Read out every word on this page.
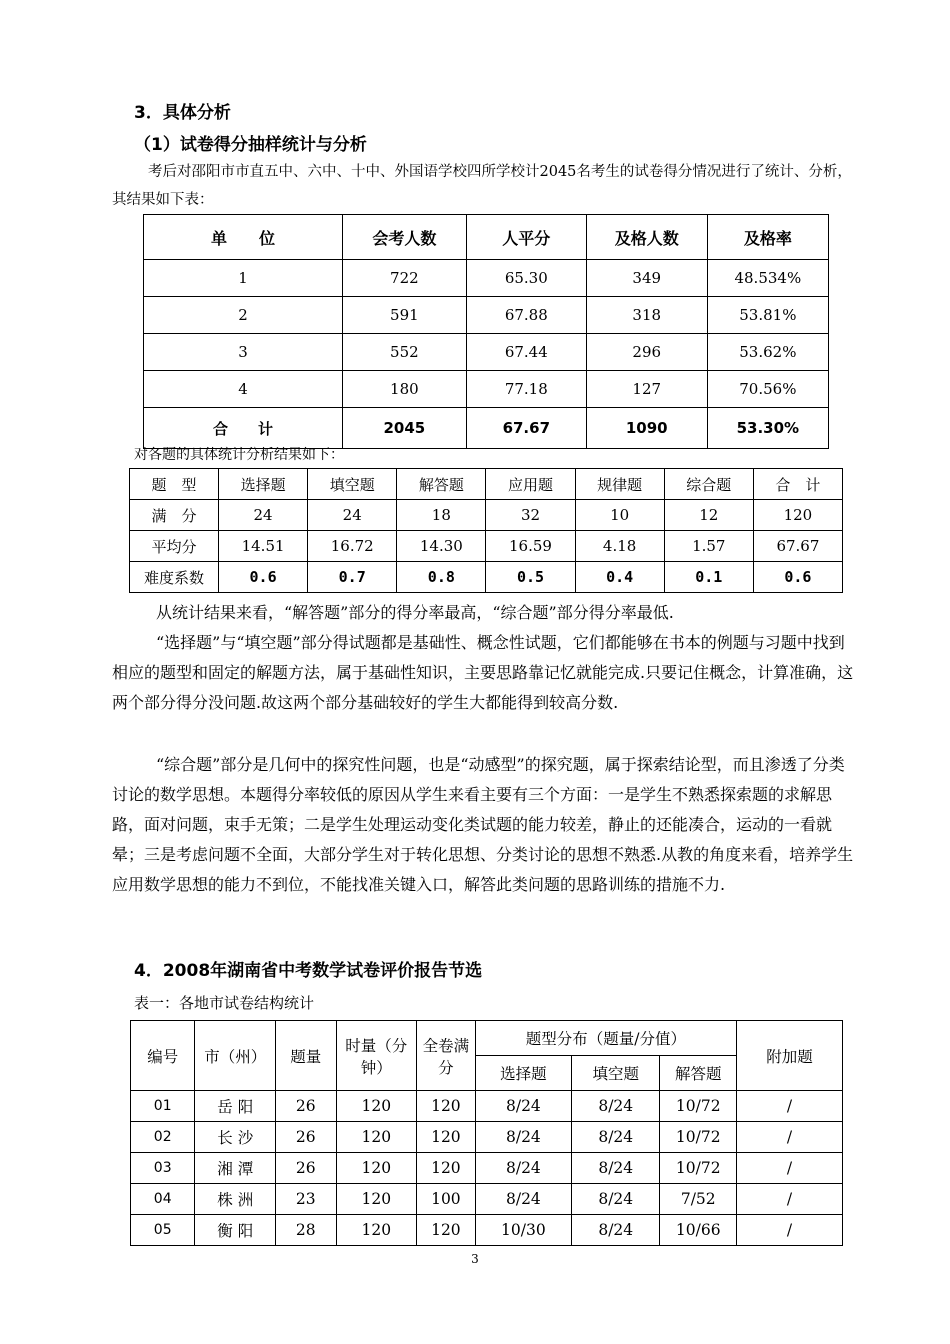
3．具体分析
（1）试卷得分抽样统计与分析
考后对邵阳市市直五中、六中、十中、外国语学校四所学校计2045名考生的试卷得分情况进行了统计、分析，其结果如下表：
单　　位	会考人数	人平分	及格人数	及格率
1	722	65.30	349	48.534%
2	591	67.88	318	53.81%
3	552	67.44	296	53.62%
4	180	77.18	127	70.56%
合　　计	2045	67.67	1090	53.30%
对各题的具体统计分析结果如下：
题　型	选择题	填空题	解答题	应用题	规律题	综合题	合　计
满　分	24	24	18	32	10	12	120
平均分	14.51	16.72	14.30	16.59	4.18	1.57	67.67
难度系数	0.6	0.7	0.8	0.5	0.4	0.1	0.6
从统计结果来看，“解答题”部分的得分率最高，“综合题”部分得分率最低.
“选择题”与“填空题”部分得试题都是基础性、概念性试题，它们都能够在书本的例题与习题中找到相应的题型和固定的解题方法，属于基础性知识，主要思路靠记忆就能完成.只要记住概念，计算准确，这两个部分得分没问题.故这两个部分基础较好的学生大都能得到较高分数.
“综合题”部分是几何中的探究性问题，也是“动感型”的探究题，属于探索结论型，而且渗透了分类讨论的数学思想。本题得分率较低的原因从学生来看主要有三个方面：一是学生不熟悉探索题的求解思路，面对问题，束手无策；二是学生处理运动变化类试题的能力较差，静止的还能凑合，运动的一看就晕；三是考虑问题不全面，大部分学生对于转化思想、分类讨论的思想不熟悉.从教的角度来看，培养学生应用数学思想的能力不到位，不能找准关键入口，解答此类问题的思路训练的措施不力.
4．2008年湖南省中考数学试卷评价报告节选
表一：各地市试卷结构统计
编号	市（州）	题量	时量（分钟）	全卷满分	题型分布（题量/分值）			附加题
					选择题	填空题	解答题	
01	岳 阳	26	120	120	8/24	8/24	10/72	/
02	长 沙	26	120	120	8/24	8/24	10/72	/
03	湘 潭	26	120	120	8/24	8/24	10/72	/
04	株 洲	23	120	100	8/24	8/24	7/52	/
05	衡 阳	28	120	120	10/30	8/24	10/66	/
3
